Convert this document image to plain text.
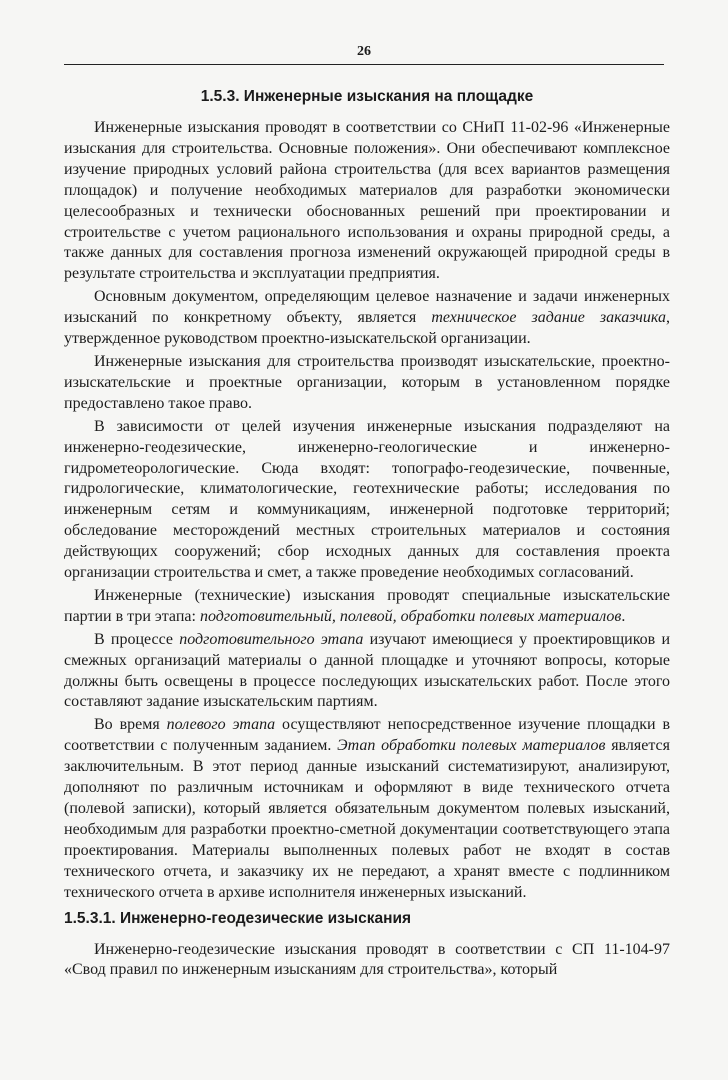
26
1.5.3. Инженерные изыскания на площадке

Инженерные изыскания проводят в соответствии со СНиП 11-02-96 «Инженерные изыскания для строительства. Основные положения». Они обеспечивают комплексное изучение природных условий района строительства (для всех вариантов размещения площадок) и получение необходимых материалов для разработки экономически целесообразных и технически обоснованных решений при проектировании и строительстве с учетом рационального использования и охраны природной среды, а также данных для составления прогноза изменений окружающей природной среды в результате строительства и эксплуатации предприятия.

Основным документом, определяющим целевое назначение и задачи инженерных изысканий по конкретному объекту, является техническое задание заказчика, утвержденное руководством проектно-изыскательской организации.

Инженерные изыскания для строительства производят изыскательские, проектно-изыскательские и проектные организации, которым в установленном порядке предоставлено такое право.

В зависимости от целей изучения инженерные изыскания подразделяют на инженерно-геодезические, инженерно-геологические и инженерно-гидрометеорологические. Сюда входят: топографо-геодезические, почвенные, гидрологические, климатологические, геотехнические работы; исследования по инженерным сетям и коммуникациям, инженерной подготовке территорий; обследование месторождений местных строительных материалов и состояния действующих сооружений; сбор исходных данных для составления проекта организации строительства и смет, а также проведение необходимых согласований.

Инженерные (технические) изыскания проводят специальные изыскательские партии в три этапа: подготовительный, полевой, обработки полевых материалов.

В процессе подготовительного этапа изучают имеющиеся у проектировщиков и смежных организаций материалы о данной площадке и уточняют вопросы, которые должны быть освещены в процессе последующих изыскательских работ. После этого составляют задание изыскательским партиям.

Во время полевого этапа осуществляют непосредственное изучение площадки в соответствии с полученным заданием. Этап обработки полевых материалов является заключительным. В этот период данные изысканий систематизируют, анализируют, дополняют по различным источникам и оформляют в виде технического отчета (полевой записки), который является обязательным документом полевых изысканий, необходимым для разработки проектно-сметной документации соответствующего этапа проектирования. Материалы выполненных полевых работ не входят в состав технического отчета, и заказчику их не передают, а хранят вместе с подлинником технического отчета в архиве исполнителя инженерных изысканий.

1.5.3.1. Инженерно-геодезические изыскания

Инженерно-геодезические изыскания проводят в соответствии с СП 11-104-97 «Свод правил по инженерным изысканиям для строительства», который
